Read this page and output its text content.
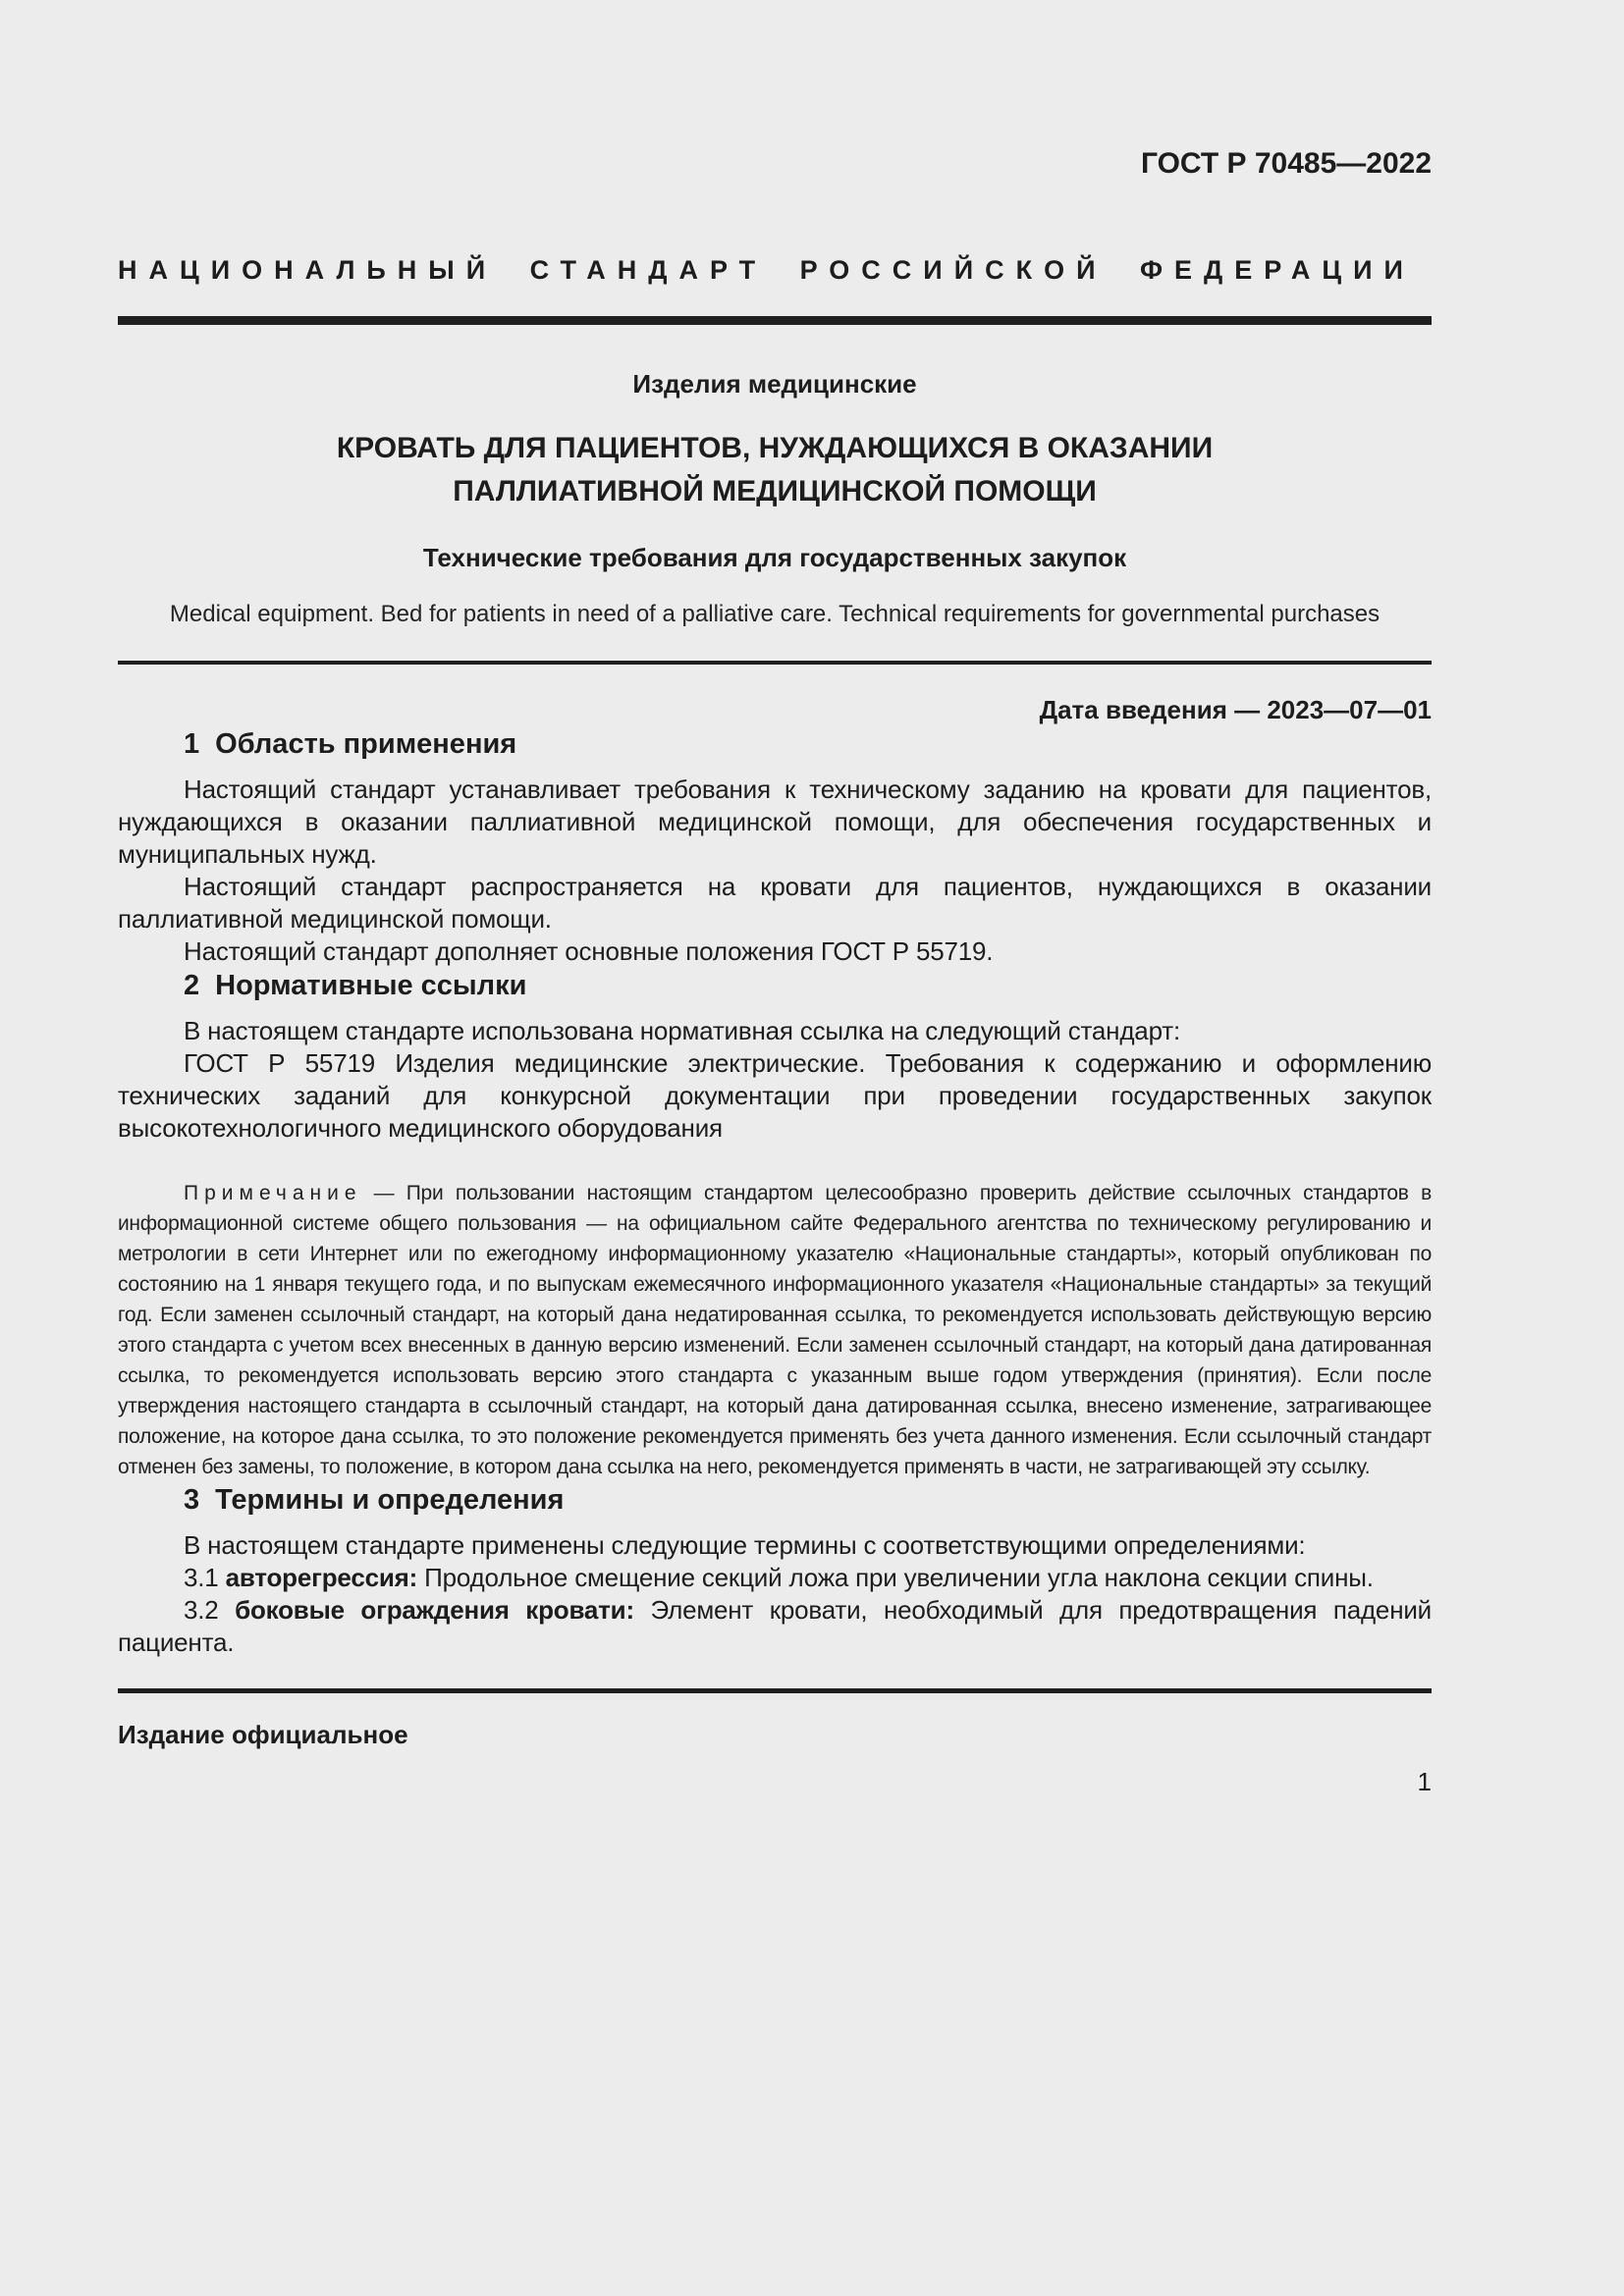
ГОСТ Р 70485—2022
НАЦИОНАЛЬНЫЙ СТАНДАРТ РОССИЙСКОЙ ФЕДЕРАЦИИ
Изделия медицинские
КРОВАТЬ ДЛЯ ПАЦИЕНТОВ, НУЖДАЮЩИХСЯ В ОКАЗАНИИ
ПАЛЛИАТИВНОЙ МЕДИЦИНСКОЙ ПОМОЩИ
Технические требования для государственных закупок
Medical equipment. Bed for patients in need of a palliative care. Technical requirements for governmental purchases
Дата введения — 2023—07—01
1 Область применения

Настоящий стандарт устанавливает требования к техническому заданию на кровати для пациентов, нуждающихся в оказании паллиативной медицинской помощи, для обеспечения государственных и муниципальных нужд.

Настоящий стандарт распространяется на кровати для пациентов, нуждающихся в оказании паллиативной медицинской помощи.

Настоящий стандарт дополняет основные положения ГОСТ Р 55719.

2 Нормативные ссылки

В настоящем стандарте использована нормативная ссылка на следующий стандарт:

ГОСТ Р 55719 Изделия медицинские электрические. Требования к содержанию и оформлению технических заданий для конкурсной документации при проведении государственных закупок высокотехнологичного медицинского оборудования

Примечание — При пользовании настоящим стандартом целесообразно проверить действие ссылочных стандартов в информационной системе общего пользования — на официальном сайте Федерального агентства по техническому регулированию и метрологии в сети Интернет или по ежегодному информационному указателю «Национальные стандарты», который опубликован по состоянию на 1 января текущего года, и по выпускам ежемесячного информационного указателя «Национальные стандарты» за текущий год. Если заменен ссылочный стандарт, на который дана недатированная ссылка, то рекомендуется использовать действующую версию этого стандарта с учетом всех внесенных в данную версию изменений. Если заменен ссылочный стандарт, на который дана датированная ссылка, то рекомендуется использовать версию этого стандарта с указанным выше годом утверждения (принятия). Если после утверждения настоящего стандарта в ссылочный стандарт, на который дана датированная ссылка, внесено изменение, затрагивающее положение, на которое дана ссылка, то это положение рекомендуется применять без учета данного изменения. Если ссылочный стандарт отменен без замены, то положение, в котором дана ссылка на него, рекомендуется применять в части, не затрагивающей эту ссылку.

3 Термины и определения

В настоящем стандарте применены следующие термины с соответствующими определениями:

3.1 авторегрессия: Продольное смещение секций ложа при увеличении угла наклона секции спины.

3.2 боковые ограждения кровати: Элемент кровати, необходимый для предотвращения падений пациента.

Издание официальное
1
